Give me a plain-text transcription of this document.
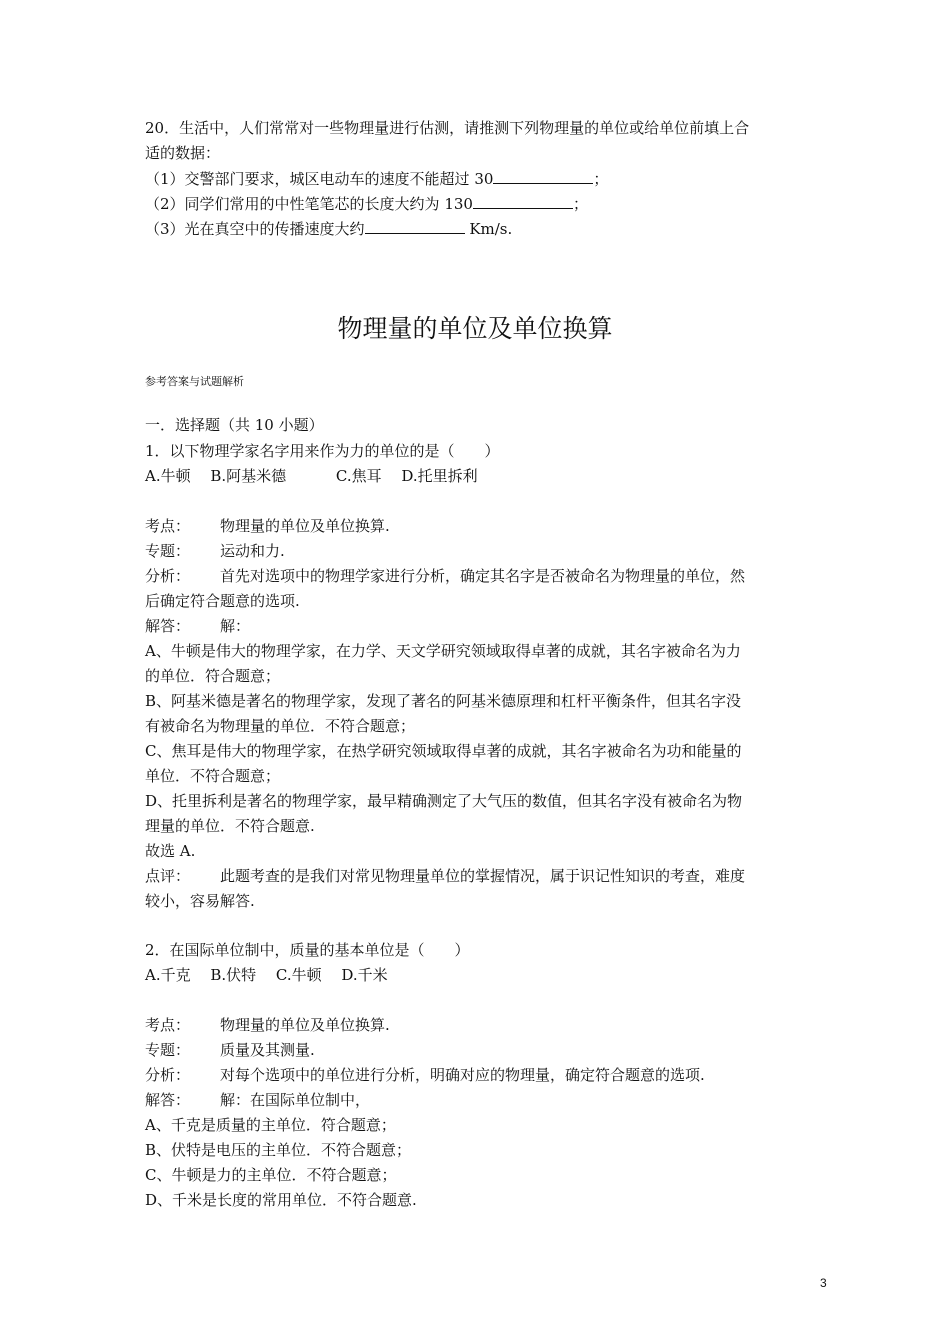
20．生活中，人们常常对一些物理量进行估测，请推测下列物理量的单位或给单位前填上合
适的数据：
（1）交警部门要求，城区电动车的速度不能超过 30	；
（2）同学们常用的中性笔笔芯的长度大约为 130	；
（3）光在真空中的传播速度大约	Km/s.
物理量的单位及单位换算
参考答案与试题解析
一．选择题（共 10 小题）
1．以下物理学家名字用来作为力的单位的是（　　）
A.牛顿　 B.阿基米德　　　 C.焦耳　 D.托里拆利
考点： 物理量的单位及单位换算.
专题： 运动和力.
分析： 首先对选项中的物理学家进行分析，确定其名字是否被命名为物理量的单位，然
后确定符合题意的选项.
解答： 解：
A、牛顿是伟大的物理学家，在力学、天文学研究领域取得卓著的成就，其名字被命名为力
的单位．符合题意；
B、阿基米德是著名的物理学家，发现了著名的阿基米德原理和杠杆平衡条件，但其名字没
有被命名为物理量的单位．不符合题意；
C、焦耳是伟大的物理学家，在热学研究领域取得卓著的成就，其名字被命名为功和能量的
单位．不符合题意；
D、托里拆利是著名的物理学家，最早精确测定了大气压的数值，但其名字没有被命名为物
理量的单位．不符合题意.
故选 A.
点评： 此题考查的是我们对常见物理量单位的掌握情况，属于识记性知识的考查，难度
较小，容易解答.
2．在国际单位制中，质量的基本单位是（　　）
A.千克　 B.伏特　 C.牛顿　 D.千米
考点： 物理量的单位及单位换算.
专题： 质量及其测量.
分析： 对每个选项中的单位进行分析，明确对应的物理量，确定符合题意的选项.
解答： 解：在国际单位制中，
A、千克是质量的主单位．符合题意；
B、伏特是电压的主单位．不符合题意；
C、牛顿是力的主单位．不符合题意；
D、千米是长度的常用单位．不符合题意.
3
